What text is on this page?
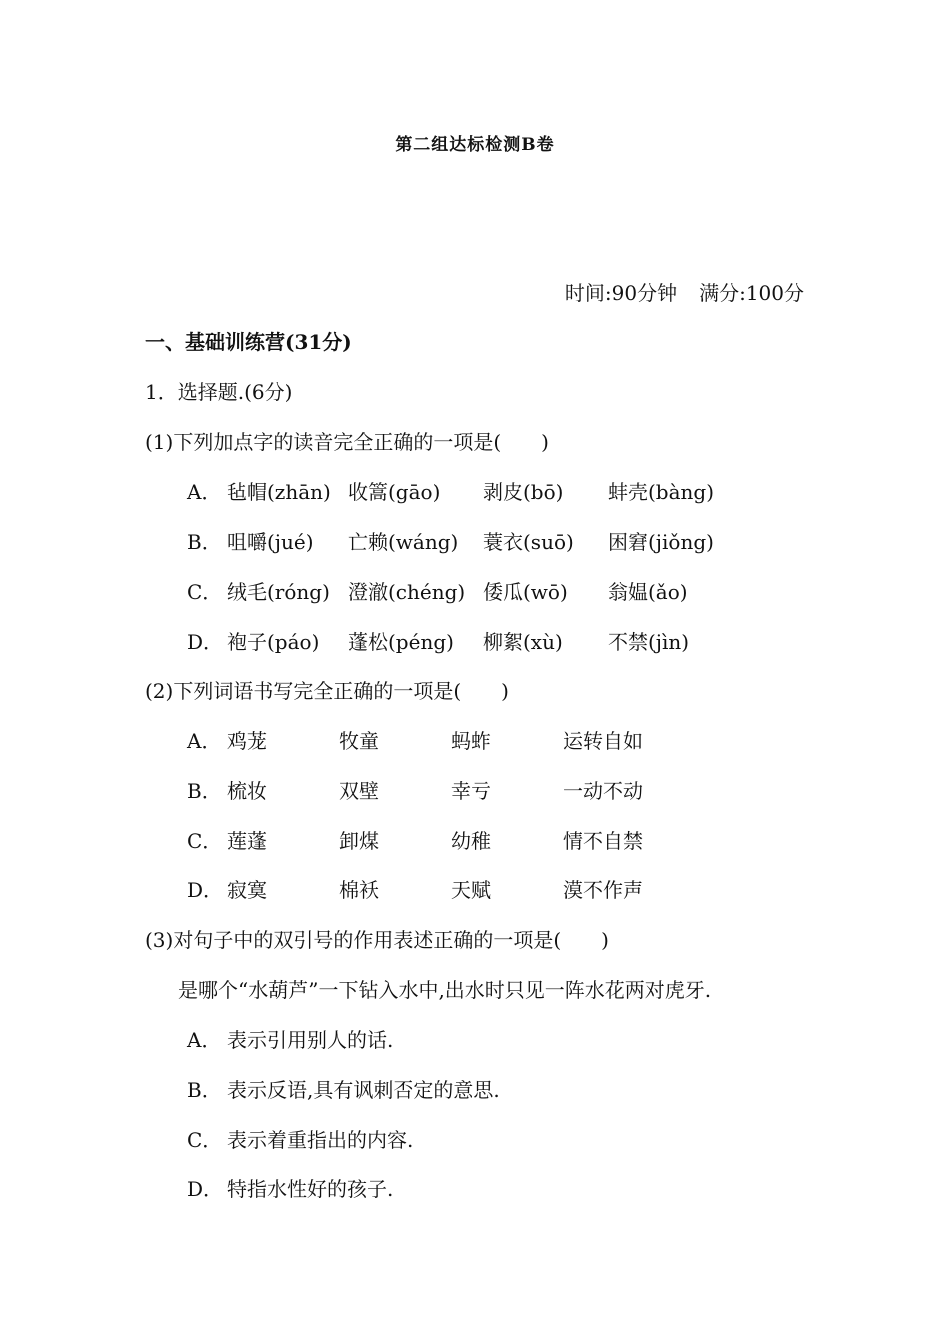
第二组达标检测B卷
时间:90分钟 满分:100分
一、基础训练营(31分)
1．选择题.(6分)
(1)下列加点字的读音完全正确的一项是(　　)
A． 毡帽(zhān) 收篙(gāo) 剥皮(bō) 蚌壳(bàng)
B． 咀嚼(jué) 亡赖(wáng) 蓑衣(suō) 困窘(jiǒng)
C． 绒毛(róng) 澄澈(chéng) 倭瓜(wō) 翁媪(ǎo)
D． 袍子(páo) 蓬松(péng) 柳絮(xù) 不禁(jìn)
(2)下列词语书写完全正确的一项是(　　)
A． 鸡茏	牧童	蚂蚱	运转自如
B． 梳妆	双壁	幸亏	一动不动
C． 莲蓬	卸煤	幼稚	情不自禁
D． 寂寞	棉袄	天赋	漠不作声
(3)对句子中的双引号的作用表述正确的一项是(　　)
是哪个“水葫芦”一下钻入水中,出水时只见一阵水花两对虎牙.
A． 表示引用别人的话.
B． 表示反语,具有讽刺否定的意思.
C． 表示着重指出的内容.
D． 特指水性好的孩子.
